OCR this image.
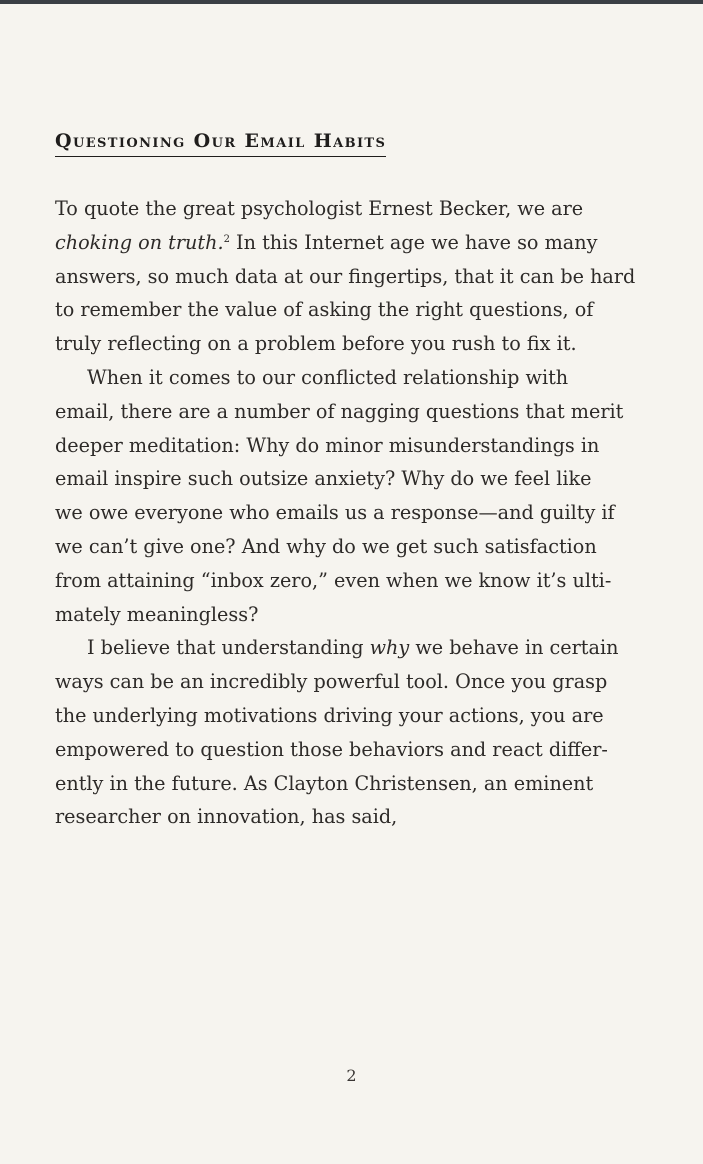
Questioning Our Email Habits
To quote the great psychologist Ernest Becker, we are
choking on truth.$^2$ In this Internet age we have so many
answers, so much data at our fingertips, that it can be hard
to remember the value of asking the right questions, of
truly reflecting on a problem before you rush to fix it.
When it comes to our conflicted relationship with
email, there are a number of nagging questions that merit
deeper meditation: Why do minor misunderstandings in
email inspire such outsize anxiety? Why do we feel like
we owe everyone who emails us a response—and guilty if
we can’t give one? And why do we get such satisfaction
from attaining “inbox zero,” even when we know it’s ulti-
mately meaningless?
I believe that understanding why we behave in certain
ways can be an incredibly powerful tool. Once you grasp
the underlying motivations driving your actions, you are
empowered to question those behaviors and react differ-
ently in the future. As Clayton Christensen, an eminent
researcher on innovation, has said,
2
